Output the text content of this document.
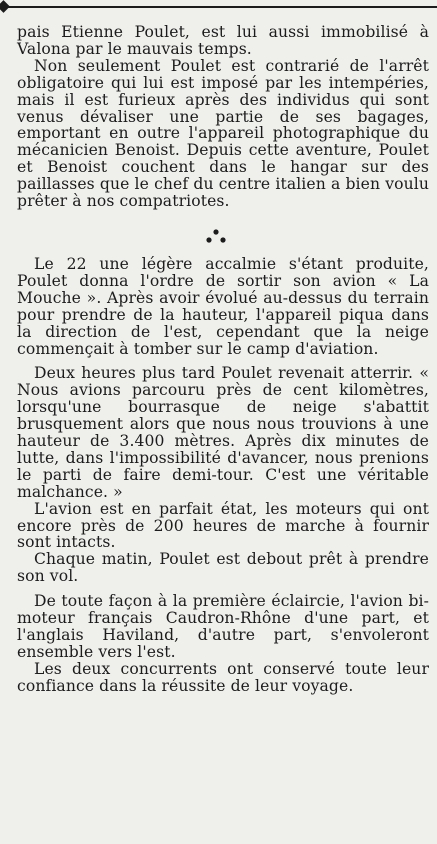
pais Etienne Poulet, est lui aussi immobilisé à Valona par le mauvais temps.

Non seulement Poulet est contrarié de l'arrêt obligatoire qui lui est imposé par les intempéries, mais il est furieux après des individus qui sont venus dévaliser une partie de ses bagages, emportant en outre l'appareil photographique du mécanicien Benoist. Depuis cette aventure, Poulet et Benoist couchent dans le hangar sur des paillasses que le chef du centre italien a bien voulu prêter à nos compatriotes.

Le 22 une légère accalmie s'étant produite, Poulet donna l'ordre de sortir son avion « La Mouche ». Après avoir évolué au-dessus du terrain pour prendre de la hauteur, l'appareil piqua dans la direction de l'est, cependant que la neige commençait à tomber sur le camp d'aviation.

Deux heures plus tard Poulet revenait atterrir. « Nous avions parcouru près de cent kilomètres, lorsqu'une bourrasque de neige s'abattit brusquement alors que nous nous trouvions à une hauteur de 3.400 mètres. Après dix minutes de lutte, dans l'impossibilité d'avancer, nous prenions le parti de faire demi-tour. C'est une véritable malchance. »

L'avion est en parfait état, les moteurs qui ont encore près de 200 heures de marche à fournir sont intacts.

Chaque matin, Poulet est debout prêt à prendre son vol.

De toute façon à la première éclaircie, l'avion bi-moteur français Caudron-Rhône d'une part, et l'anglais Haviland, d'autre part, s'envoleront ensemble vers l'est.

Les deux concurrents ont conservé toute leur confiance dans la réussite de leur voyage.
